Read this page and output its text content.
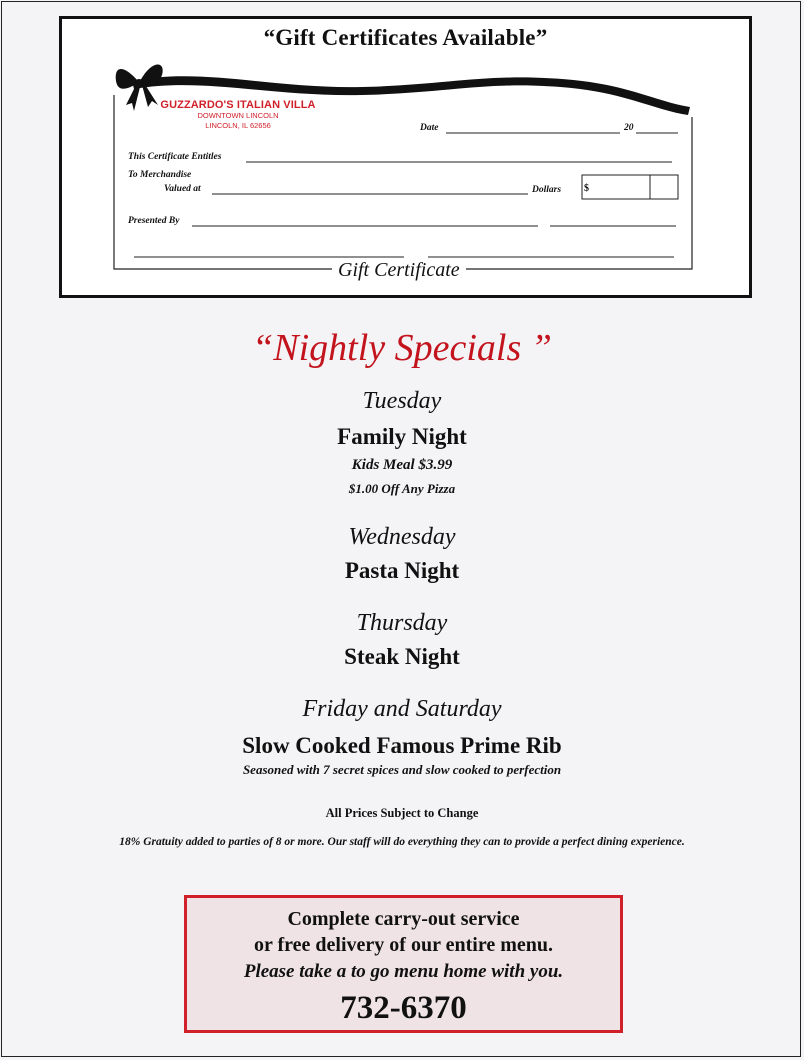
“Gift Certificates Available”
GUZZARDO'S ITALIAN VILLA
DOWNTOWN LINCOLN
LINCOLN, IL 62656	Date	20
This Certificate Entitles
To Merchandise
Valued at	Dollars $
Presented By
Gift Certificate
“Nightly Specials ”
Tuesday
Family Night
Kids Meal $3.99
$1.00 Off Any Pizza
Wednesday
Pasta Night
Thursday
Steak Night
Friday and Saturday
Slow Cooked Famous Prime Rib
Seasoned with 7 secret spices and slow cooked to perfection
All Prices Subject to Change
18% Gratuity added to parties of 8 or more. Our staff will do everything they can to provide a perfect dining experience.
Complete carry-out service
or free delivery of our entire menu.
Please take a to go menu home with you.
732-6370
